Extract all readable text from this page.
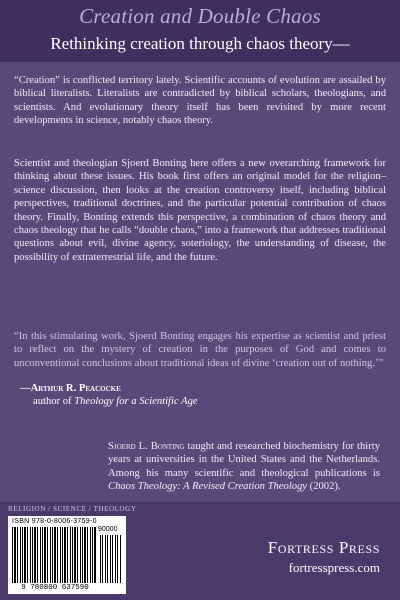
Creation and Double Chaos
Rethinking creation through chaos theory—

“Creation” is conflicted territory lately. Scientific accounts of evolution are assailed by biblical literalists. Literalists are contradicted by biblical scholars, theologians, and scientists. And evolutionary theory itself has been revisited by more recent developments in science, notably chaos theory.

Scientist and theologian Sjoerd Bonting here offers a new overarching framework for thinking about these issues. His book first offers an original model for the religion–science discussion, then looks at the creation controversy itself, including biblical perspectives, traditional doctrines, and the particular potential contribution of chaos theory. Finally, Bonting extends this perspective, a combination of chaos theory and chaos theology that he calls “double chaos,” into a framework that addresses traditional questions about evil, divine agency, soteriology, the understanding of disease, the possibility of extraterrestrial life, and the future.

“In this stimulating work, Sjoerd Bonting engages his expertise as scientist and priest to reflect on the mystery of creation in the purposes of God and comes to unconventional conclusions about traditional ideas of divine ‘creation out of nothing.’”

—Arthur R. Peacocke
author of Theology for a Scientific Age

Sjoerd L. Bonting taught and researched biochemistry for thirty years at universities in the United States and the Netherlands. Among his many scientific and theological publications is Chaos Theology: A Revised Creation Theology (2002).

RELIGION / SCIENCE / THEOLOGY
ISBN 978-0-8006-3759-0
90000
9 780800 637590
Fortress Press
fortresspress.com
